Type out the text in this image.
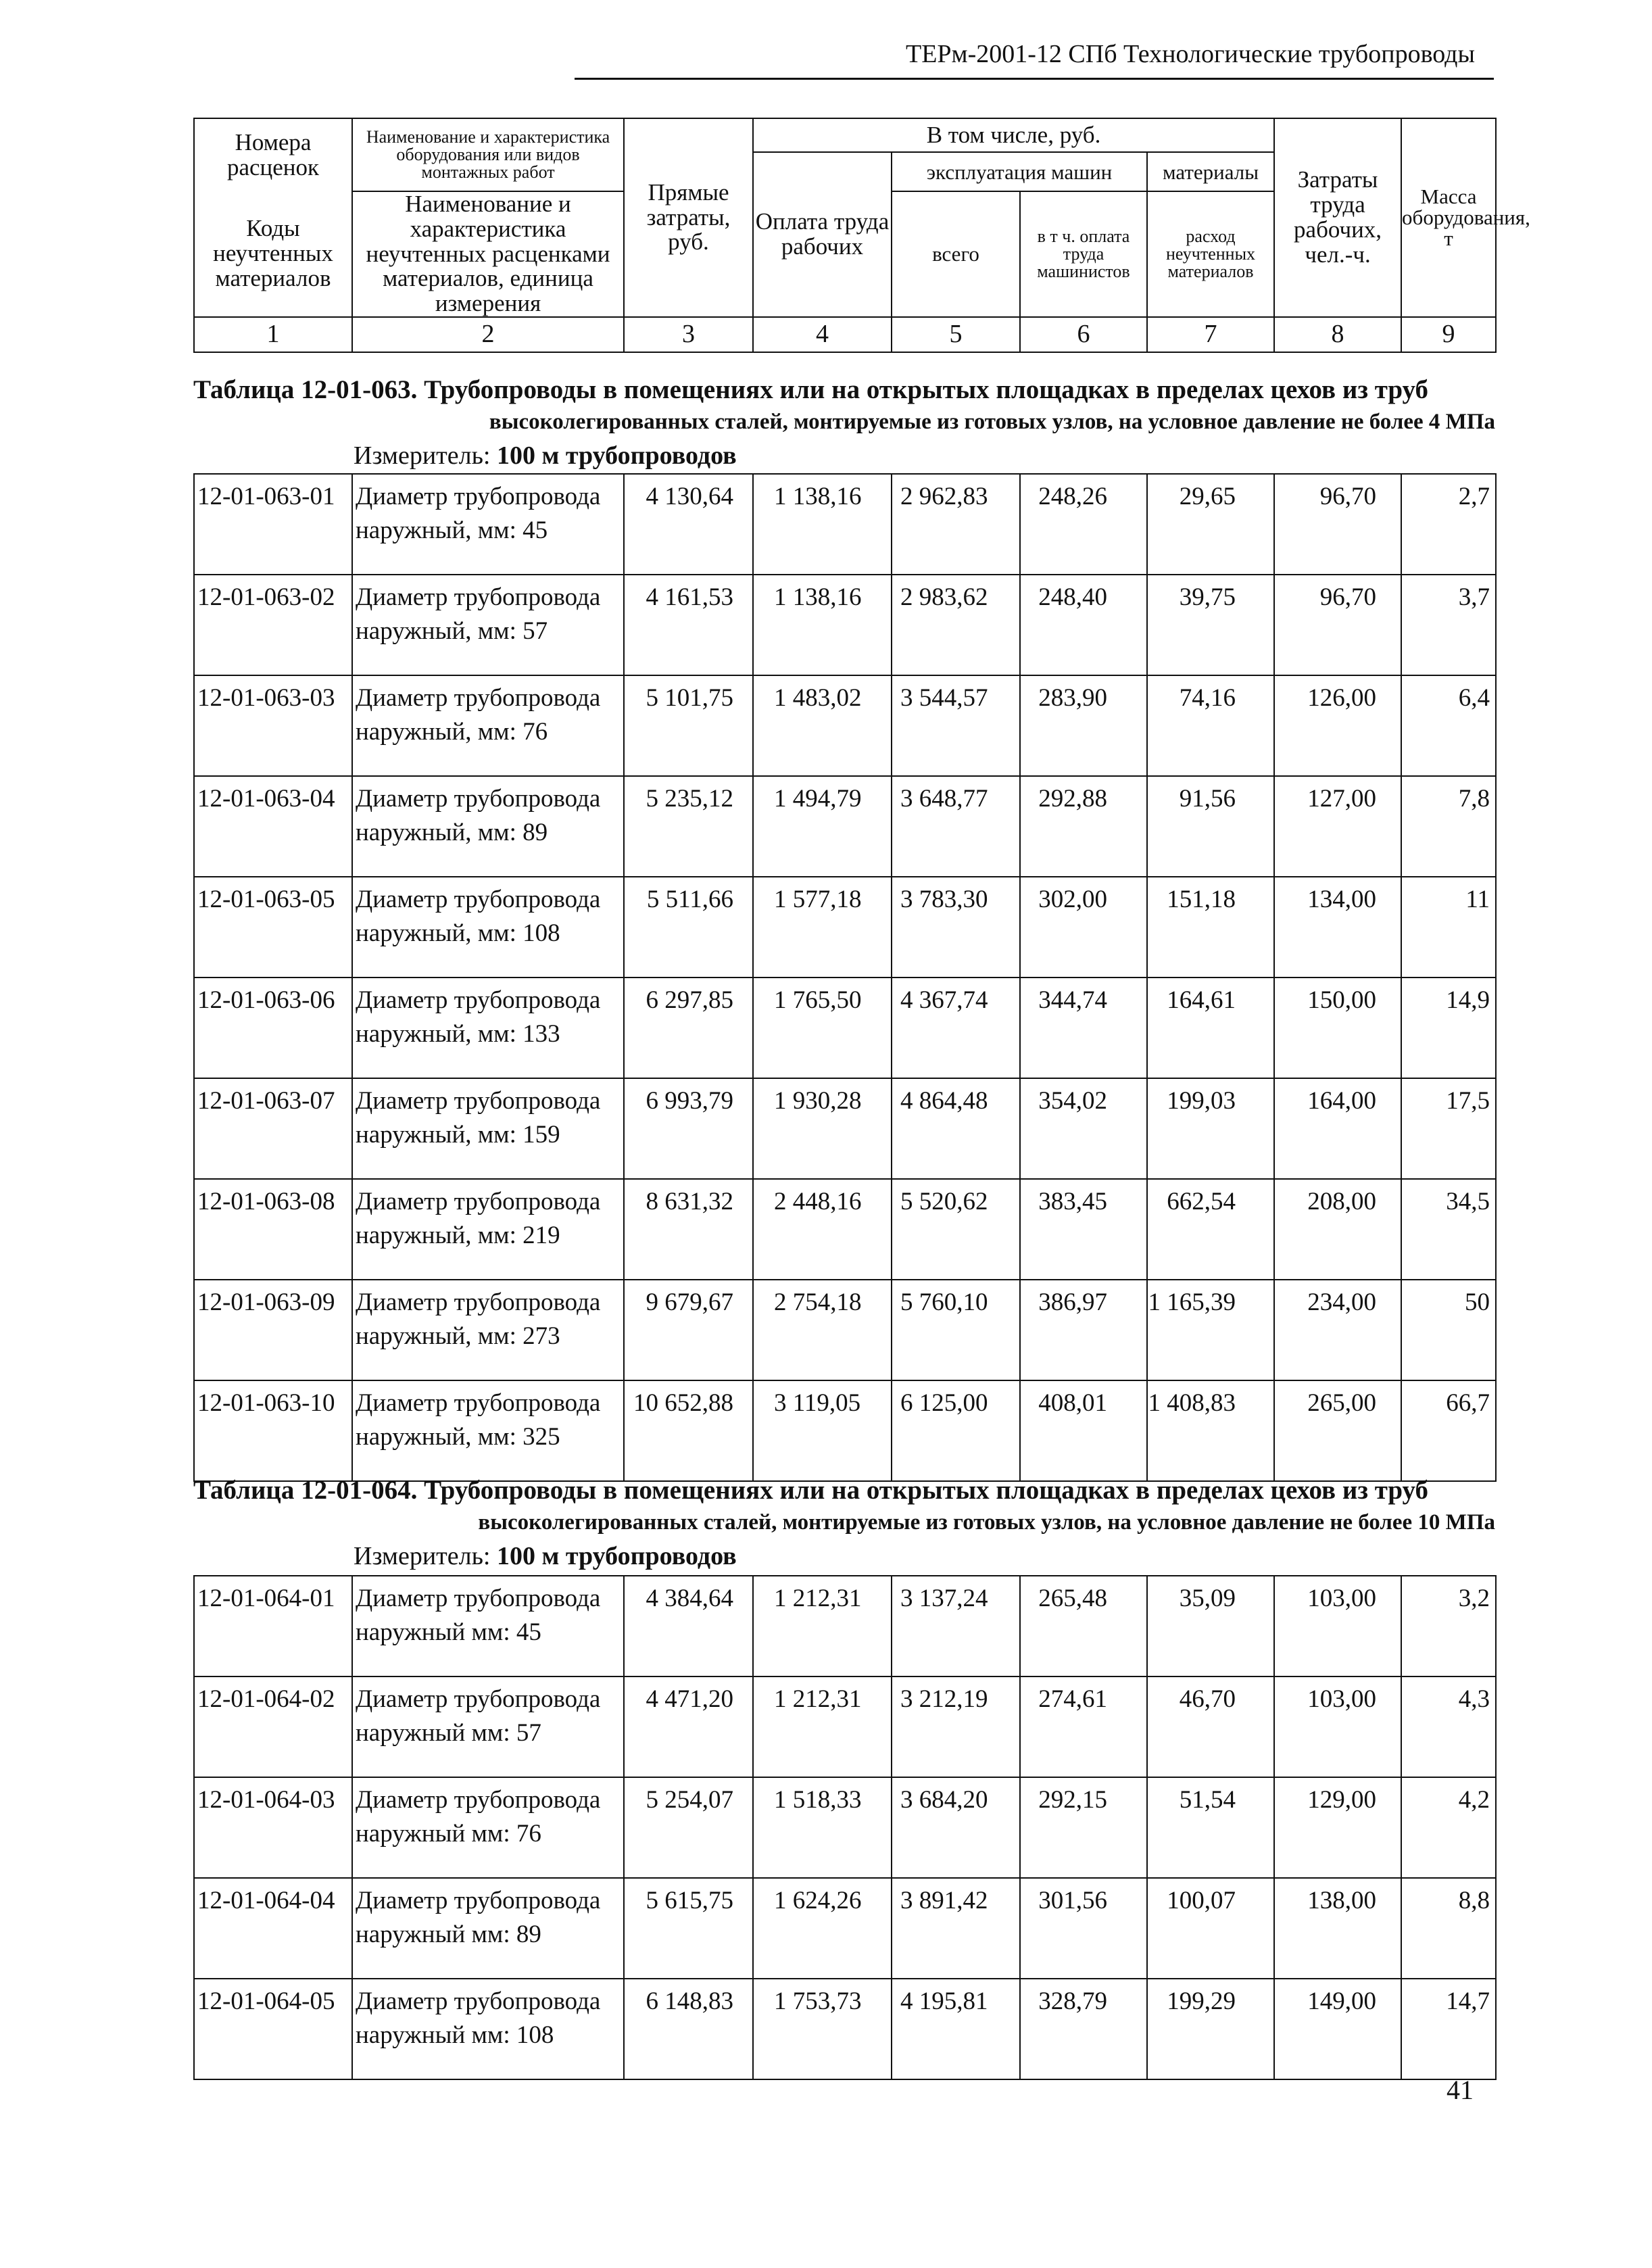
ТЕРм-2001-12 СПб Технологические трубопроводы
Номера расценок	Наименование и характеристика оборудования или видов монтажных работ	Прямые затраты, руб.	В том числе, руб.				Затраты труда рабочих, чел.-ч.	Масса оборудования, т
			Оплата труда рабочих	эксплуатация машин		материалы		
Коды неучтенных материалов	Наименование и характеристика неучтенных расценками материалов, единица измерения			всего	в т ч. оплата труда машинистов	расход неучтенных материалов		

1	2	3	4	5	6	7	8	9
Таблица 12-01-063. Трубопроводы в помещениях или на открытых площадках в пределах цехов из труб
высоколегированных сталей, монтируемые из готовых узлов, на условное давление не более 4 МПа
Измеритель: 100 м трубопроводов
12-01-063-01	Диаметр трубопровода наружный, мм: 45	4 130,64	1 138,16	2 962,83	248,26	29,65	96,70	2,7
12-01-063-02	Диаметр трубопровода наружный, мм: 57	4 161,53	1 138,16	2 983,62	248,40	39,75	96,70	3,7
12-01-063-03	Диаметр трубопровода наружный, мм: 76	5 101,75	1 483,02	3 544,57	283,90	74,16	126,00	6,4
12-01-063-04	Диаметр трубопровода наружный, мм: 89	5 235,12	1 494,79	3 648,77	292,88	91,56	127,00	7,8
12-01-063-05	Диаметр трубопровода наружный, мм: 108	5 511,66	1 577,18	3 783,30	302,00	151,18	134,00	11
12-01-063-06	Диаметр трубопровода наружный, мм: 133	6 297,85	1 765,50	4 367,74	344,74	164,61	150,00	14,9
12-01-063-07	Диаметр трубопровода наружный, мм: 159	6 993,79	1 930,28	4 864,48	354,02	199,03	164,00	17,5
12-01-063-08	Диаметр трубопровода наружный, мм: 219	8 631,32	2 448,16	5 520,62	383,45	662,54	208,00	34,5
12-01-063-09	Диаметр трубопровода наружный, мм: 273	9 679,67	2 754,18	5 760,10	386,97	1 165,39	234,00	50
12-01-063-10	Диаметр трубопровода наружный, мм: 325	10 652,88	3 119,05	6 125,00	408,01	1 408,83	265,00	66,7
Таблица 12-01-064. Трубопроводы в помещениях или на открытых площадках в пределах цехов из труб
высоколегированных сталей, монтируемые из готовых узлов, на условное давление не более 10 МПа
Измеритель: 100 м трубопроводов
12-01-064-01	Диаметр трубопровода наружный мм: 45	4 384,64	1 212,31	3 137,24	265,48	35,09	103,00	3,2
12-01-064-02	Диаметр трубопровода наружный мм: 57	4 471,20	1 212,31	3 212,19	274,61	46,70	103,00	4,3
12-01-064-03	Диаметр трубопровода наружный мм: 76	5 254,07	1 518,33	3 684,20	292,15	51,54	129,00	4,2
12-01-064-04	Диаметр трубопровода наружный мм: 89	5 615,75	1 624,26	3 891,42	301,56	100,07	138,00	8,8
12-01-064-05	Диаметр трубопровода наружный мм: 108	6 148,83	1 753,73	4 195,81	328,79	199,29	149,00	14,7
41
